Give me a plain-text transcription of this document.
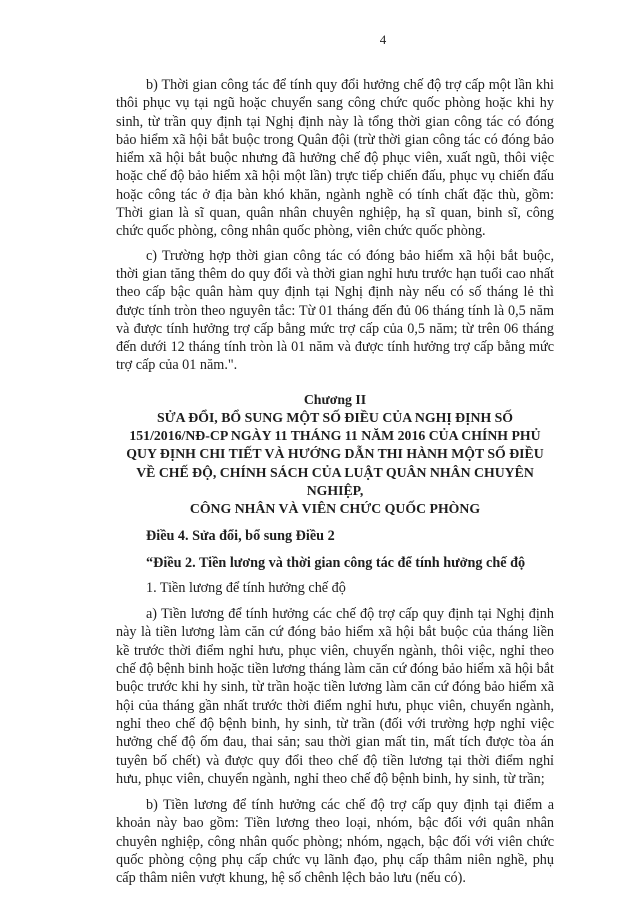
4

b) Thời gian công tác để tính quy đổi hưởng chế độ trợ cấp một lần khi thôi phục vụ tại ngũ hoặc chuyển sang công chức quốc phòng hoặc khi hy sinh, từ trần quy định tại Nghị định này là tổng thời gian công tác có đóng bảo hiểm xã hội bắt buộc trong Quân đội (trừ thời gian công tác có đóng bảo hiểm xã hội bắt buộc nhưng đã hưởng chế độ phục viên, xuất ngũ, thôi việc hoặc chế độ bảo hiểm xã hội một lần) trực tiếp chiến đấu, phục vụ chiến đấu hoặc công tác ở địa bàn khó khăn, ngành nghề có tính chất đặc thù, gồm: Thời gian là sĩ quan, quân nhân chuyên nghiệp, hạ sĩ quan, binh sĩ, công chức quốc phòng, công nhân quốc phòng, viên chức quốc phòng.

c) Trường hợp thời gian công tác có đóng bảo hiểm xã hội bắt buộc, thời gian tăng thêm do quy đổi và thời gian nghỉ hưu trước hạn tuổi cao nhất theo cấp bậc quân hàm quy định tại Nghị định này nếu có số tháng lẻ thì được tính tròn theo nguyên tắc: Từ 01 tháng đến đủ 06 tháng tính là 0,5 năm và được tính hưởng trợ cấp bằng mức trợ cấp của 0,5 năm; từ trên 06 tháng đến dưới 12 tháng tính tròn là 01 năm và được tính hưởng trợ cấp bằng mức trợ cấp của 01 năm.".

Chương II

SỬA ĐỔI, BỔ SUNG MỘT SỐ ĐIỀU CỦA NGHỊ ĐỊNH SỐ
151/2016/NĐ-CP NGÀY 11 THÁNG 11 NĂM 2016 CỦA CHÍNH PHỦ
QUY ĐỊNH CHI TIẾT VÀ HƯỚNG DẪN THI HÀNH MỘT SỐ ĐIỀU
VỀ CHẾ ĐỘ, CHÍNH SÁCH CỦA LUẬT QUÂN NHÂN CHUYÊN NGHIỆP,
CÔNG NHÂN VÀ VIÊN CHỨC QUỐC PHÒNG

Điều 4. Sửa đổi, bổ sung Điều 2

“Điều 2. Tiền lương và thời gian công tác để tính hưởng chế độ

1. Tiền lương để tính hưởng chế độ

a) Tiền lương để tính hưởng các chế độ trợ cấp quy định tại Nghị định này là tiền lương làm căn cứ đóng bảo hiểm xã hội bắt buộc của tháng liền kề trước thời điểm nghỉ hưu, phục viên, chuyển ngành, thôi việc, nghỉ theo chế độ bệnh binh hoặc tiền lương tháng làm căn cứ đóng bảo hiểm xã hội bắt buộc trước khi hy sinh, từ trần hoặc tiền lương làm căn cứ đóng bảo hiểm xã hội của tháng gần nhất trước thời điểm nghỉ hưu, phục viên, chuyển ngành, nghỉ theo chế độ bệnh binh, hy sinh, từ trần (đối với trường hợp nghỉ việc hưởng chế độ ốm đau, thai sản; sau thời gian mất tin, mất tích được tòa án tuyên bố chết) và được quy đổi theo chế độ tiền lương tại thời điểm nghỉ hưu, phục viên, chuyển ngành, nghỉ theo chế độ bệnh binh, hy sinh, từ trần;

b) Tiền lương để tính hưởng các chế độ trợ cấp quy định tại điểm a khoản này bao gồm: Tiền lương theo loại, nhóm, bậc đối với quân nhân chuyên nghiệp, công nhân quốc phòng; nhóm, ngạch, bậc đối với viên chức quốc phòng cộng phụ cấp chức vụ lãnh đạo, phụ cấp thâm niên nghề, phụ cấp thâm niên vượt khung, hệ số chênh lệch bảo lưu (nếu có).
